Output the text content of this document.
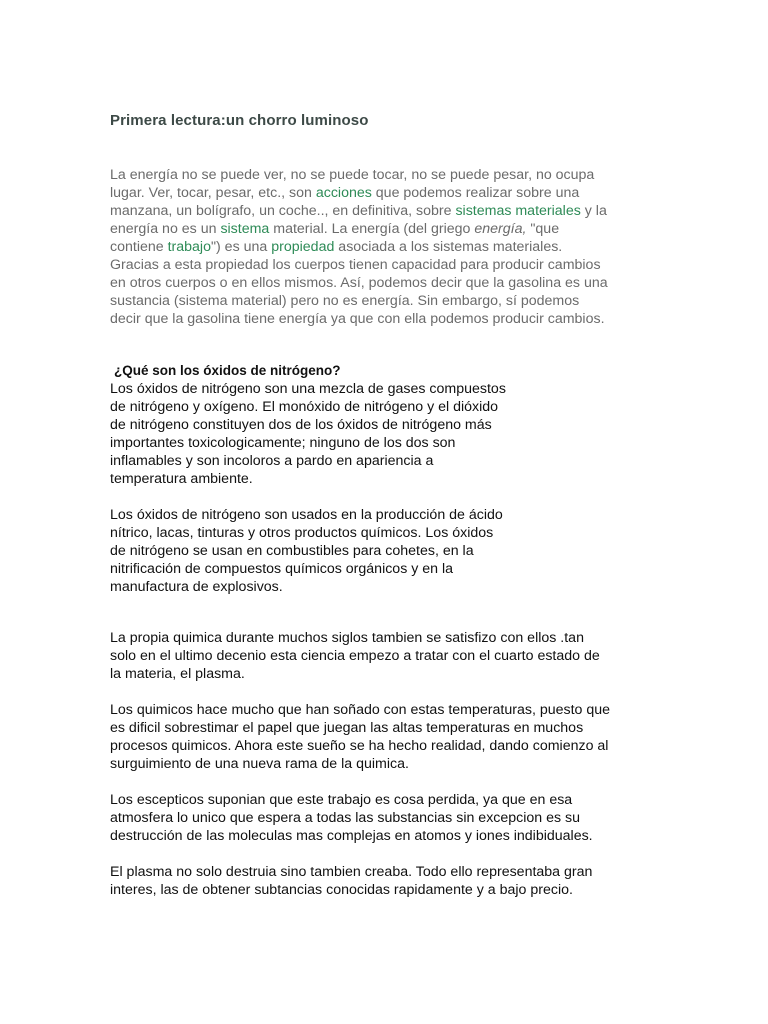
Primera lectura:un chorro luminoso

La energía no se puede ver, no se puede tocar, no se puede pesar, no ocupa
lugar. Ver, tocar, pesar, etc., son acciones que podemos realizar sobre una
manzana, un bolígrafo, un coche.., en definitiva, sobre sistemas materiales y la
energía no es un sistema material. La energía (del griego energía, "que
contiene trabajo") es una propiedad asociada a los sistemas materiales.
Gracias a esta propiedad los cuerpos tienen capacidad para producir cambios
en otros cuerpos o en ellos mismos. Así, podemos decir que la gasolina es una
sustancia (sistema material) pero no es energía. Sin embargo, sí podemos
decir que la gasolina tiene energía ya que con ella podemos producir cambios.

¿Qué son los óxidos de nitrógeno?

Los óxidos de nitrógeno son una mezcla de gases compuestos
de nitrógeno y oxígeno. El monóxido de nitrógeno y el dióxido
de nitrógeno constituyen dos de los óxidos de nitrógeno más
importantes toxicologicamente; ninguno de los dos son
inflamables y son incoloros a pardo en apariencia a
temperatura ambiente.

Los óxidos de nitrógeno son usados en la producción de ácido
nítrico, lacas, tinturas y otros productos químicos. Los óxidos
de nitrógeno se usan en combustibles para cohetes, en la
nitrificación de compuestos químicos orgánicos y en la
manufactura de explosivos.

La propia quimica durante muchos siglos tambien se satisfizo con ellos .tan
solo en el ultimo decenio esta ciencia empezo a tratar con el cuarto estado de
la materia, el plasma.

Los quimicos hace mucho que han soñado con estas temperaturas, puesto que
es dificil sobrestimar el papel que juegan las altas temperaturas en muchos
procesos quimicos. Ahora este sueño se ha hecho realidad, dando comienzo al
surguimiento de una nueva rama de la quimica.

Los escepticos suponian que este trabajo es cosa perdida, ya que en esa
atmosfera lo unico que espera a todas las substancias sin excepcion es su
destrucción de las moleculas mas complejas en atomos y iones indibiduales.

El plasma no solo destruia sino tambien creaba. Todo ello representaba gran
interes, las de obtener subtancias conocidas rapidamente y a bajo precio.
